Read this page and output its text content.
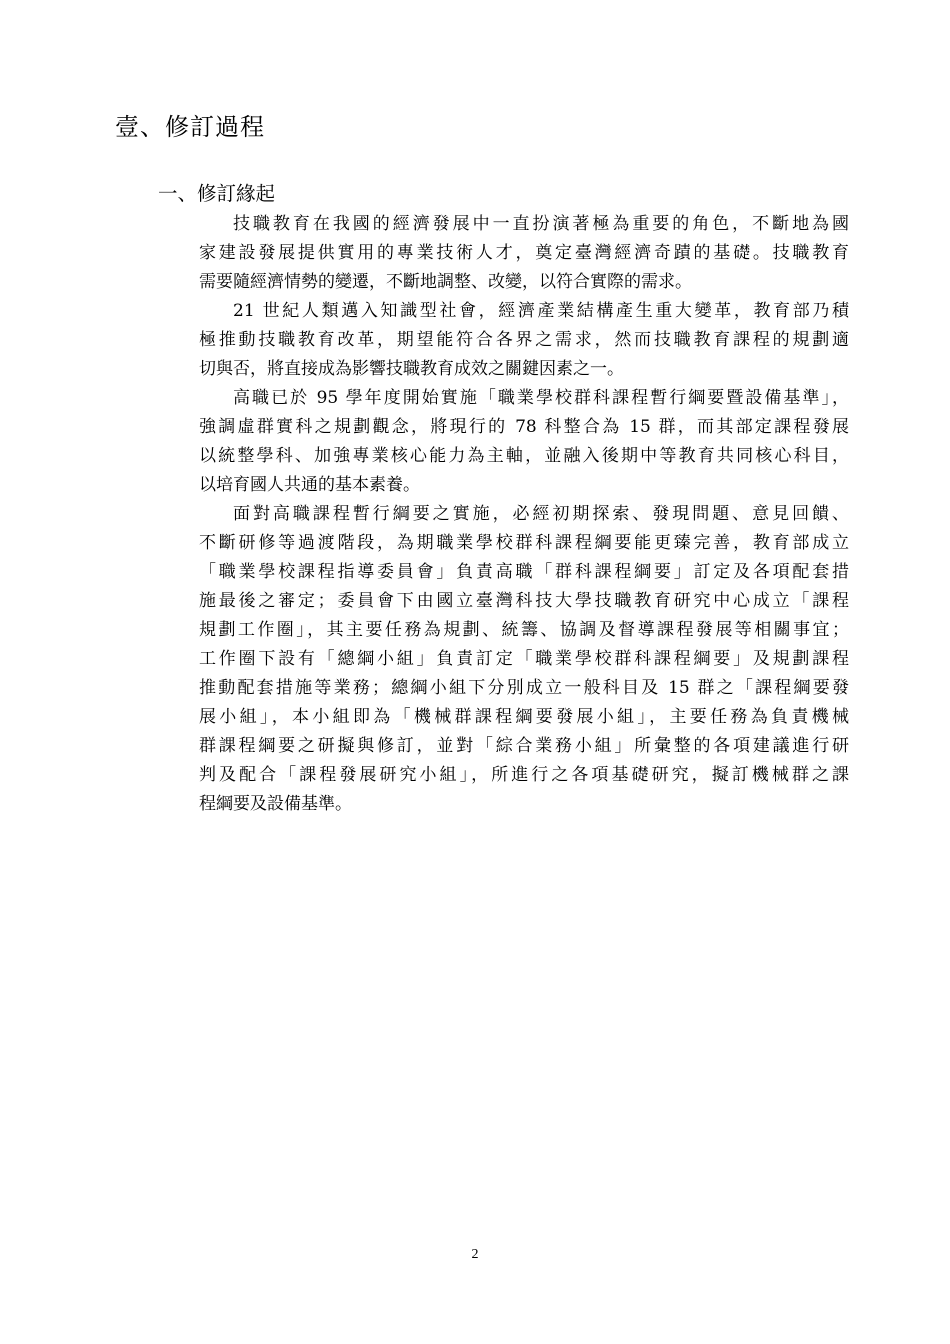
壹、修訂過程
一、修訂緣起

技職教育在我國的經濟發展中一直扮演著極為重要的角色，不斷地為國
家建設發展提供實用的專業技術人才，奠定臺灣經濟奇蹟的基礎。技職教育
需要隨經濟情勢的變遷，不斷地調整、改變，以符合實際的需求。

21 世紀人類邁入知識型社會，經濟產業結構產生重大變革，教育部乃積
極推動技職教育改革，期望能符合各界之需求，然而技職教育課程的規劃適
切與否，將直接成為影響技職教育成效之關鍵因素之一。

高職已於 95 學年度開始實施「職業學校群科課程暫行綱要暨設備基準」，
強調虛群實科之規劃觀念，將現行的 78 科整合為 15 群，而其部定課程發展
以統整學科、加強專業核心能力為主軸，並融入後期中等教育共同核心科目，
以培育國人共通的基本素養。

面對高職課程暫行綱要之實施，必經初期探索、發現問題、意見回饋、
不斷研修等過渡階段，為期職業學校群科課程綱要能更臻完善，教育部成立
「職業學校課程指導委員會」負責高職「群科課程綱要」訂定及各項配套措
施最後之審定；委員會下由國立臺灣科技大學技職教育研究中心成立「課程
規劃工作圈」，其主要任務為規劃、統籌、協調及督導課程發展等相關事宜；
工作圈下設有「總綱小組」負責訂定「職業學校群科課程綱要」及規劃課程
推動配套措施等業務；總綱小組下分別成立一般科目及 15 群之「課程綱要發
展小組」，本小組即為「機械群課程綱要發展小組」，主要任務為負責機械
群課程綱要之研擬與修訂，並對「綜合業務小組」所彙整的各項建議進行研
判及配合「課程發展研究小組」，所進行之各項基礎研究，擬訂機械群之課
程綱要及設備基準。

2
